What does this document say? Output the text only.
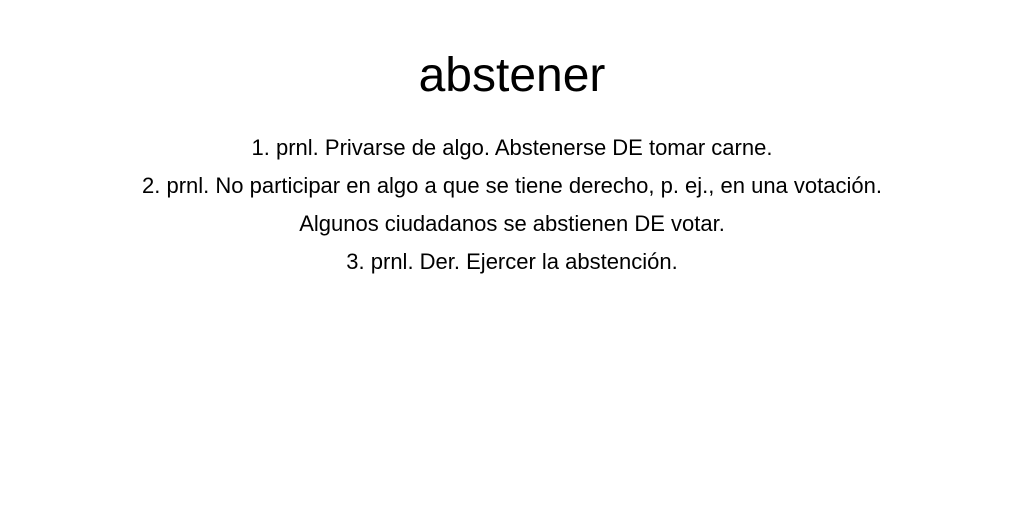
abstener
1. prnl. Privarse de algo. Abstenerse DE tomar carne.
2. prnl. No participar en algo a que se tiene derecho, p. ej., en una votación.
Algunos ciudadanos se abstienen DE votar.
3. prnl. Der. Ejercer la abstención.
